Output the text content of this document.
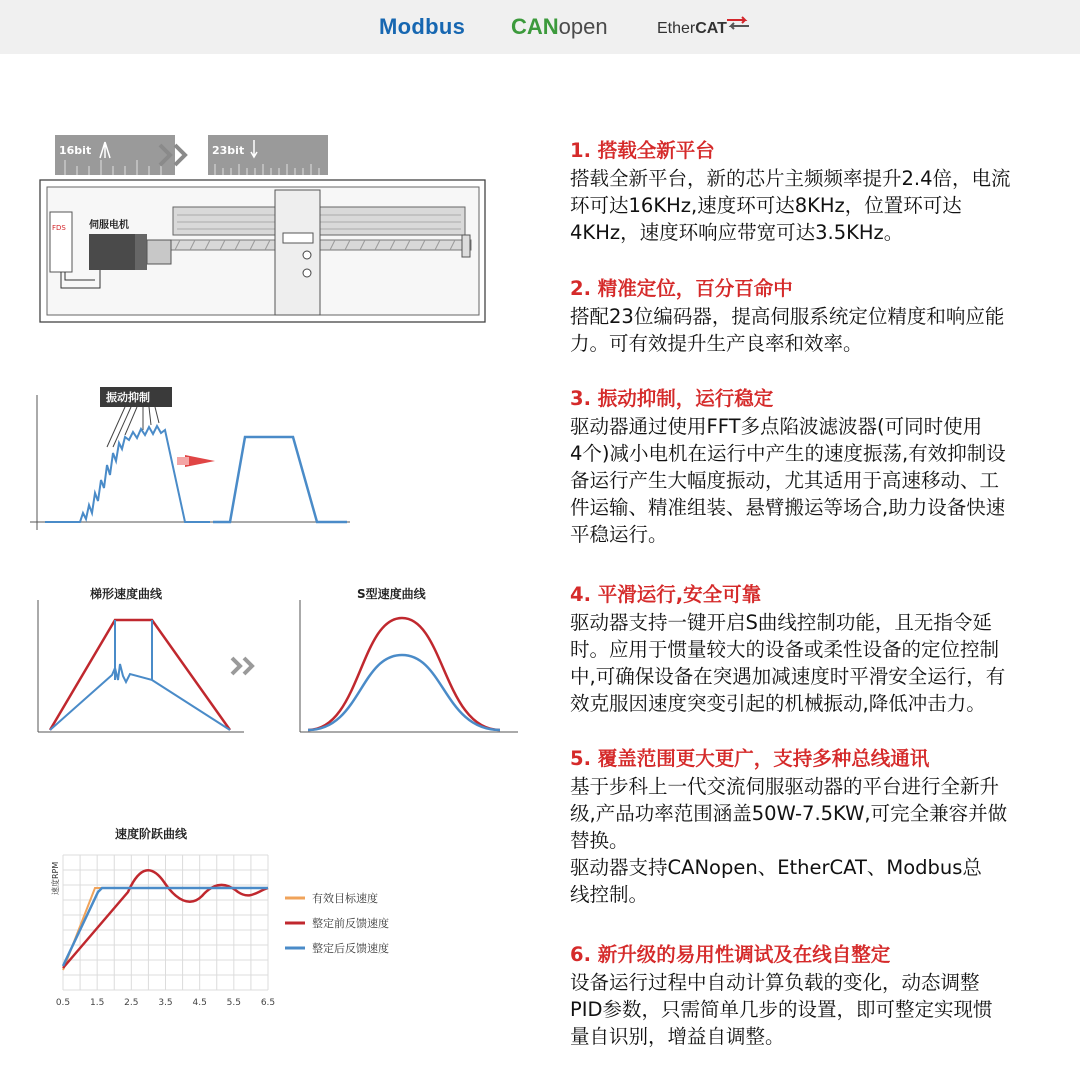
Modbus CANopen	EtherCAT
16bit	23bit
伺服电机
FDS
振动抑制
梯形速度曲线	S型速度曲线
速度阶跃曲线
速度RPM
0.5 1.5 2.5 3.5 4.5 5.5 6.5
有效目标速度
整定前反馈速度
整定后反馈速度
1. 搭载全新平台

搭载全新平台，新的芯片主频频率提升2.4倍，电流

环可达16KHz,速度环可达8KHz，位置环可达

4KHz，速度环响应带宽可达3.5KHz。

2. 精准定位，百分百命中

搭配23位编码器，提高伺服系统定位精度和响应能

力。可有效提升生产良率和效率。

3. 振动抑制，运行稳定

驱动器通过使用FFT多点陷波滤波器(可同时使用

4个)减小电机在运行中产生的速度振荡,有效抑制设

备运行产生大幅度振动，尤其适用于高速移动、工

件运输、精准组装、悬臂搬运等场合,助力设备快速

平稳运行。

4. 平滑运行,安全可靠

驱动器支持一键开启S曲线控制功能，且无指令延

时。应用于惯量较大的设备或柔性设备的定位控制

中,可确保设备在突遇加减速度时平滑安全运行，有

效克服因速度突变引起的机械振动,降低冲击力。

5. 覆盖范围更大更广，支持多种总线通讯

基于步科上一代交流伺服驱动器的平台进行全新升

级,产品功率范围涵盖50W-7.5KW,可完全兼容并做

替换。

驱动器支持CANopen、EtherCAT、Modbus总

线控制。

6. 新升级的易用性调试及在线自整定

设备运行过程中自动计算负载的变化，动态调整

PID参数，只需简单几步的设置，即可整定实现惯

量自识别，增益自调整。
